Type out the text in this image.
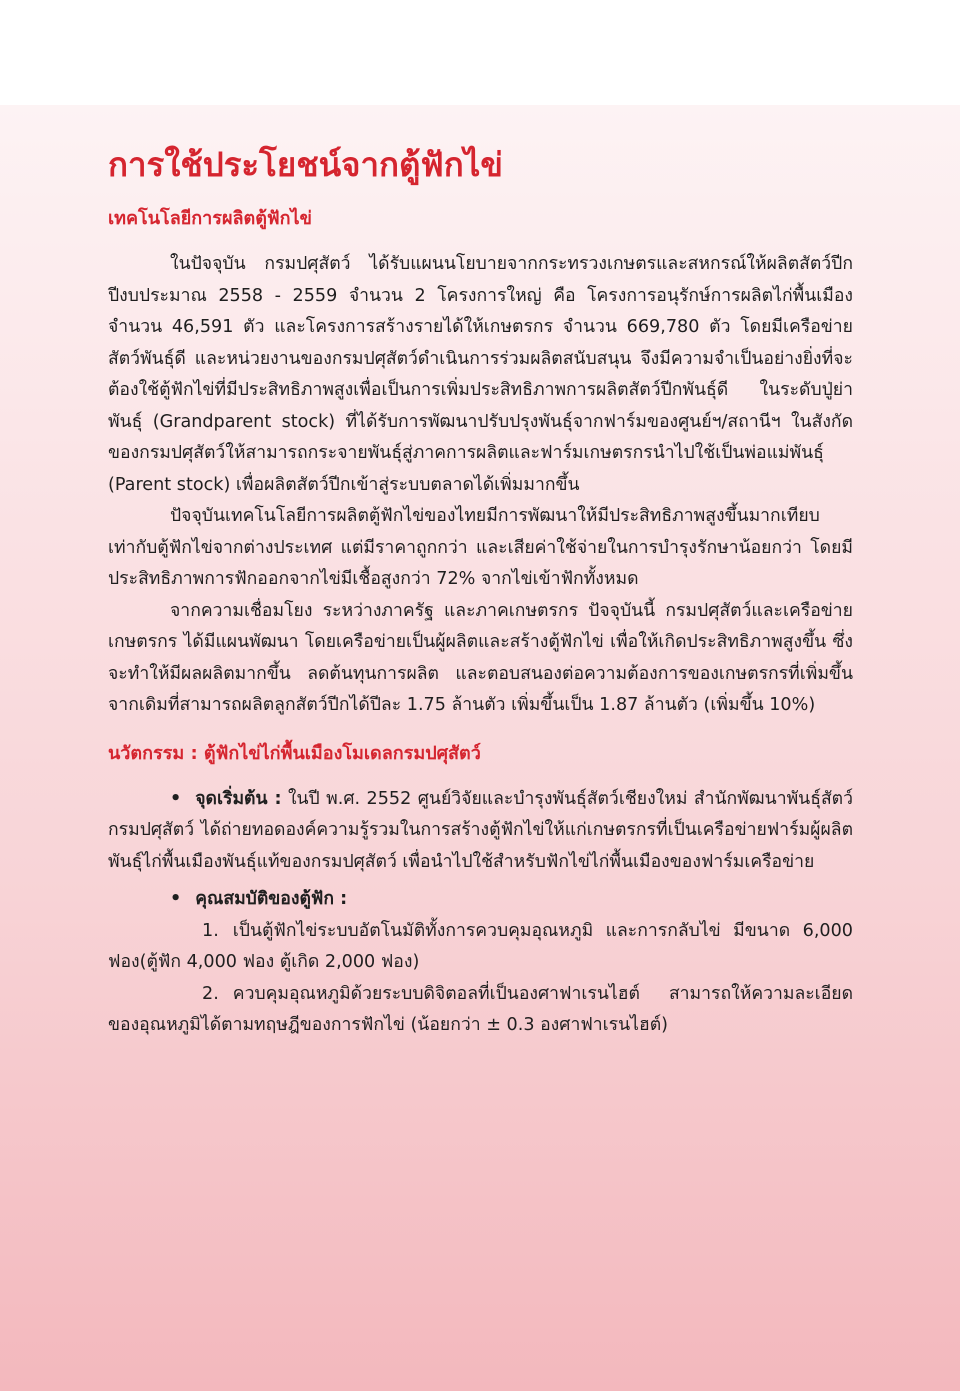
การใช้ประโยชน์จากตู้ฟักไข่
เทคโนโลยีการผลิตตู้ฟักไข่

ในปัจจุบัน กรมปศุสัตว์ ได้รับแผนนโยบายจากกระทรวงเกษตรและสหกรณ์ให้ผลิตสัตว์ปีก ปีงบประมาณ 2558 - 2559 จำนวน 2 โครงการใหญ่ คือ โครงการอนุรักษ์การผลิตไก่พื้นเมือง จำนวน 46,591 ตัว และโครงการสร้างรายได้ให้เกษตรกร จำนวน 669,780 ตัว โดยมีเครือข่ายสัตว์พันธุ์ดี และหน่วยงานของกรมปศุสัตว์ดำเนินการร่วมผลิตสนับสนุน จึงมีความจำเป็นอย่างยิ่งที่จะต้องใช้ตู้ฟักไข่ที่มีประสิทธิภาพสูงเพื่อเป็นการเพิ่มประสิทธิภาพการผลิตสัตว์ปีกพันธุ์ดี ในระดับปู่ย่าพันธุ์ (Grandparent stock) ที่ได้รับการพัฒนาปรับปรุงพันธุ์จากฟาร์มของศูนย์ฯ/สถานีฯ ในสังกัดของกรมปศุสัตว์ให้สามารถกระจายพันธุ์สู่ภาคการผลิตและฟาร์มเกษตรกรนำไปใช้เป็นพ่อแม่พันธุ์ (Parent stock) เพื่อผลิตสัตว์ปีกเข้าสู่ระบบตลาดได้เพิ่มมากขึ้น

ปัจจุบันเทคโนโลยีการผลิตตู้ฟักไข่ของไทยมีการพัฒนาให้มีประสิทธิภาพสูงขึ้นมากเทียบเท่ากับตู้ฟักไข่จากต่างประเทศ แต่มีราคาถูกกว่า และเสียค่าใช้จ่ายในการบำรุงรักษาน้อยกว่า โดยมีประสิทธิภาพการฟักออกจากไข่มีเชื้อสูงกว่า 72% จากไข่เข้าฟักทั้งหมด

จากความเชื่อมโยง ระหว่างภาครัฐ และภาคเกษตรกร ปัจจุบันนี้ กรมปศุสัตว์และเครือข่ายเกษตรกร ได้มีแผนพัฒนา โดยเครือข่ายเป็นผู้ผลิตและสร้างตู้ฟักไข่ เพื่อให้เกิดประสิทธิภาพสูงขึ้น ซึ่งจะทำให้มีผลผลิตมากขึ้น ลดต้นทุนการผลิต และตอบสนองต่อความต้องการของเกษตรกรที่เพิ่มขึ้น จากเดิมที่สามารถผลิตลูกสัตว์ปีกได้ปีละ 1.75 ล้านตัว เพิ่มขึ้นเป็น 1.87 ล้านตัว (เพิ่มขึ้น 10%)

นวัตกรรม : ตู้ฟักไข่ไก่พื้นเมืองโมเดลกรมปศุสัตว์

• จุดเริ่มต้น : ในปี พ.ศ. 2552 ศูนย์วิจัยและบำรุงพันธุ์สัตว์เชียงใหม่ สำนักพัฒนาพันธุ์สัตว์ กรมปศุสัตว์ ได้ถ่ายทอดองค์ความรู้รวมในการสร้างตู้ฟักไข่ให้แก่เกษตรกรที่เป็นเครือข่ายฟาร์มผู้ผลิตพันธุ์ไก่พื้นเมืองพันธุ์แท้ของกรมปศุสัตว์ เพื่อนำไปใช้สำหรับฟักไข่ไก่พื้นเมืองของฟาร์มเครือข่าย

• คุณสมบัติของตู้ฟัก :

1. เป็นตู้ฟักไข่ระบบอัตโนมัติทั้งการควบคุมอุณหภูมิ และการกลับไข่ มีขนาด 6,000 ฟอง(ตู้ฟัก 4,000 ฟอง ตู้เกิด 2,000 ฟอง)

2. ควบคุมอุณหภูมิด้วยระบบดิจิตอลที่เป็นองศาฟาเรนไฮต์ สามารถให้ความละเอียดของอุณหภูมิได้ตามทฤษฎีของการฟักไข่ (น้อยกว่า ± 0.3 องศาฟาเรนไฮต์)
